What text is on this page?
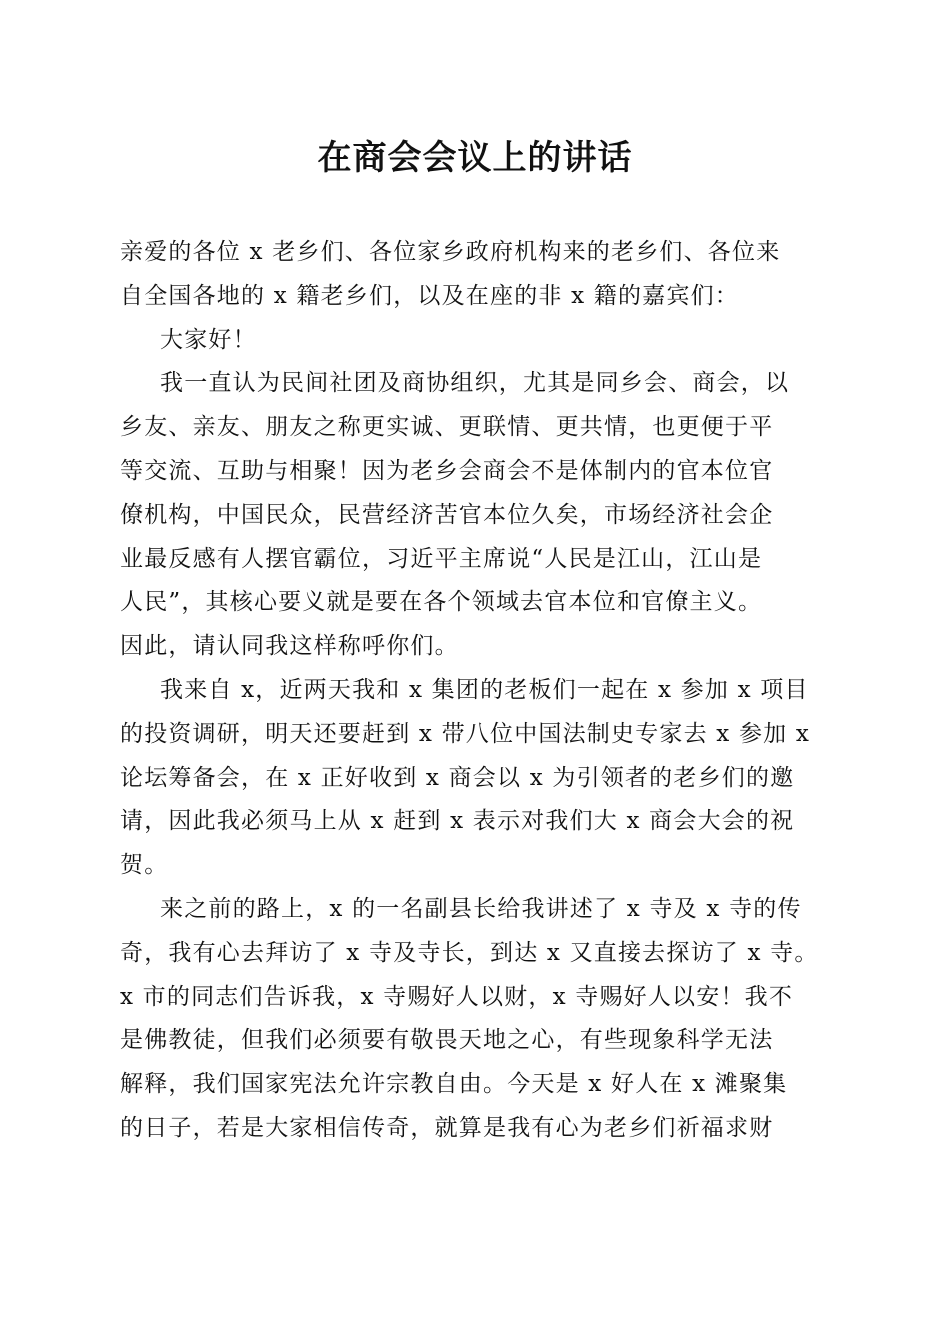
在商会会议上的讲话
亲爱的各位 x 老乡们、各位家乡政府机构来的老乡们、各位来
自全国各地的 x 籍老乡们，以及在座的非 x 籍的嘉宾们：
大家好！
我一直认为民间社团及商协组织，尤其是同乡会、商会，以
乡友、亲友、朋友之称更实诚、更联情、更共情，也更便于平
等交流、互助与相聚！因为老乡会商会不是体制内的官本位官
僚机构，中国民众，民营经济苦官本位久矣，市场经济社会企
业最反感有人摆官霸位，习近平主席说“人民是江山，江山是
人民”，其核心要义就是要在各个领域去官本位和官僚主义。
因此，请认同我这样称呼你们。
我来自 x，近两天我和 x 集团的老板们一起在 x 参加 x 项目
的投资调研，明天还要赶到 x 带八位中国法制史专家去 x 参加 x
论坛筹备会，在 x 正好收到 x 商会以 x 为引领者的老乡们的邀
请，因此我必须马上从 x 赶到 x 表示对我们大 x 商会大会的祝
贺。
来之前的路上，x 的一名副县长给我讲述了 x 寺及 x 寺的传
奇，我有心去拜访了 x 寺及寺长，到达 x 又直接去探访了 x 寺。
x 市的同志们告诉我，x 寺赐好人以财，x 寺赐好人以安！我不
是佛教徒，但我们必须要有敬畏天地之心，有些现象科学无法
解释，我们国家宪法允许宗教自由。今天是 x 好人在 x 滩聚集
的日子，若是大家相信传奇，就算是我有心为老乡们祈福求财
